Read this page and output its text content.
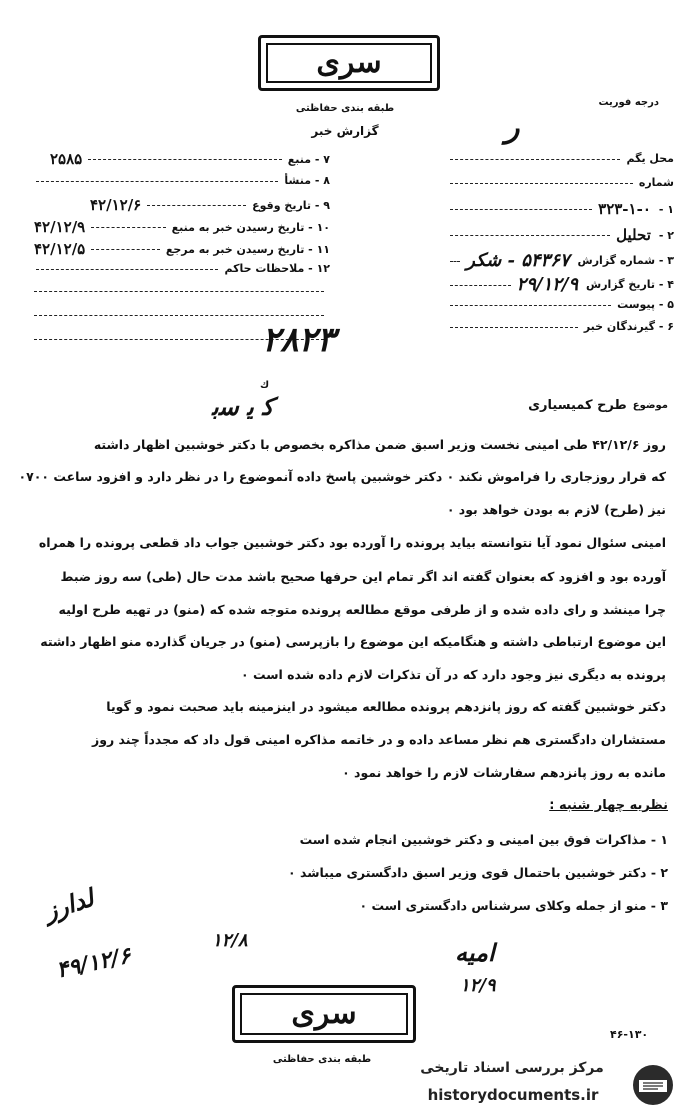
سری
طبقه بندی حفاظتی
گزارش خبر
درجه فوریت
ر
محل یگم
شماره
۱ -
۳۲۳-۱-۰
۲ -
تحلیل
۳ - شماره گزارش
۵۴۳۶۷ - شکر
۴ - تاریخ گزارش
۲۹/۱۲/۹
۵ - پیوست
۶ - گیرندگان خبر
۷ - منبع
۲۵۸۵
۸ - منشأ
۹ - تاریخ وقوع
۴۲/۱۲/۶
۱۰ - تاریخ رسیدن خبر به منبع
۴۲/۱۲/۹
۱۱ - تاریخ رسیدن خبر به مرجع
۴۲/۱۲/۵
۱۲ - ملاحظات حاکم
۲۸۲۳
ك
موضوع
طرح کمیسیاری
ﻛ ﯾ ﺳﺑ
روز ۴۲/۱۲/۶ طی امینی نخست وزیر اسبق ضمن مذاکره بخصوص با دکتر خوشبین اظهار داشته
که قرار روزجاری را فراموش نکند ۰ دکتر خوشبین پاسخ داده آنموضوع را در نظر دارد و افزود ساعت ۰۷۰۰
نیز (طرح) لازم به بودن خواهد بود ۰
امینی سئوال نمود آیا نتوانسته بیاید پرونده را آورده بود دکتر خوشبین جواب داد قطعی پرونده را همراه
آورده بود و افزود که بعنوان گفته اند اگر تمام این حرفها صحیح باشد مدت حال (طی) سه روز ضبط
چرا مینشد و رای داده شده و از طرفی موقع مطالعه پرونده متوجه شده که (منو) در تهیه طرح اولیه
این موضوع ارتباطی داشته و هنگامیکه این موضوع را بازپرسی (منو) در جریان گذارده منو اظهار داشته
پرونده به دیگری نیز وجود دارد که در آن تذکرات لازم داده شده است ۰
دکتر خوشبین گفته که روز پانزدهم پرونده مطالعه میشود در اینزمینه باید صحبت نمود و گویا
مستشاران دادگستری هم نظر مساعد داده و در خاتمه مذاکره امینی قول داد که مجدداً چند روز
مانده به روز پانزدهم سفارشات لازم را خواهد نمود ۰
نظریه چهار شنبه :
۱ - مذاکرات فوق بین امینی و دکتر خوشبین انجام شده است
۲ - دکتر خوشبین باحتمال قوی وزیر اسبق دادگستری میباشد ۰
۳ - منو از جمله وکلای سرشناس دادگستری است ۰
ﻟﺪﺍﺭﺯ
۴۹/۱۲/۶
۱۲/۸	ﺍﻣﯿﻪ
۱۲/۹
سری
طبقه بندی حفاظتی
۴۶-۱۳۰
مرکز بررسی اسناد تاریخی
historydocuments.ir
